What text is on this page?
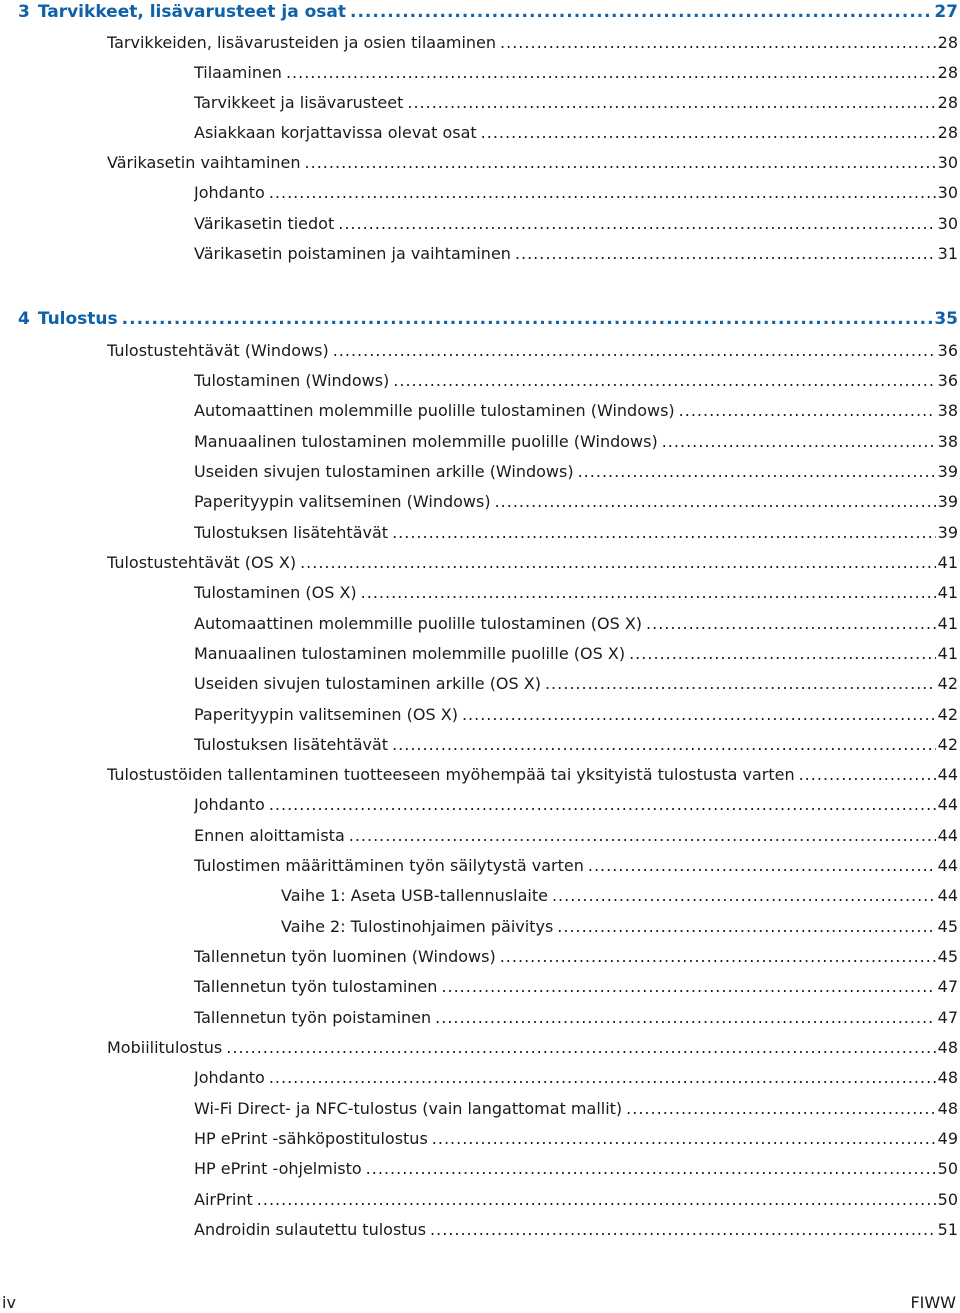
3 Tarvikkeet, lisävarusteet ja osat .....	27
Tarvikkeiden, lisävarusteiden ja osien tilaaminen .....	28
Tilaaminen .....	28
Tarvikkeet ja lisävarusteet .....	28
Asiakkaan korjattavissa olevat osat .....	28
Värikasetin vaihtaminen .....	30
Johdanto .....	30
Värikasetin tiedot .....	30
Värikasetin poistaminen ja vaihtaminen .....	31
4 Tulostus .....	35
Tulostustehtävät (Windows) .....	36
Tulostaminen (Windows) .....	36
Automaattinen molemmille puolille tulostaminen (Windows) .....	38
Manuaalinen tulostaminen molemmille puolille (Windows) .....	38
Useiden sivujen tulostaminen arkille (Windows) .....	39
Paperityypin valitseminen (Windows) .....	39
Tulostuksen lisätehtävät .....	39
Tulostustehtävät (OS X) .....	41
Tulostaminen (OS X) .....	41
Automaattinen molemmille puolille tulostaminen (OS X) .....	41
Manuaalinen tulostaminen molemmille puolille (OS X) .....	41
Useiden sivujen tulostaminen arkille (OS X) .....	42
Paperityypin valitseminen (OS X) .....	42
Tulostuksen lisätehtävät .....	42
Tulostustöiden tallentaminen tuotteeseen myöhempää tai yksityistä tulostusta varten .....	44
Johdanto .....	44
Ennen aloittamista .....	44
Tulostimen määrittäminen työn säilytystä varten .....	44
Vaihe 1: Aseta USB-tallennuslaite .....	44
Vaihe 2: Tulostinohjaimen päivitys .....	45
Tallennetun työn luominen (Windows) .....	45
Tallennetun työn tulostaminen .....	47
Tallennetun työn poistaminen .....	47
Mobiilitulostus .....	48
Johdanto .....	48
Wi-Fi Direct- ja NFC-tulostus (vain langattomat mallit) .....	48
HP ePrint -sähköpostitulostus .....	49
HP ePrint -ohjelmisto .....	50
AirPrint .....	50
Androidin sulautettu tulostus .....	51
iv	FIWW
